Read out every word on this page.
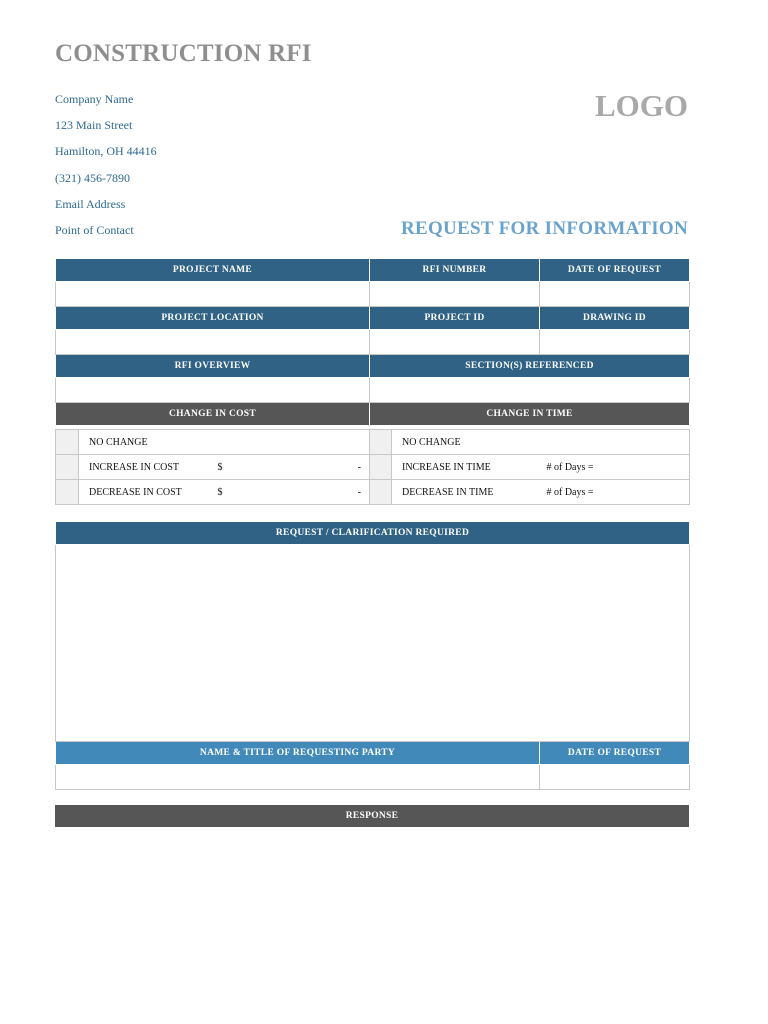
CONSTRUCTION RFI
Company Name
123 Main Street
Hamilton, OH 44416
(321) 456-7890
Email Address
Point of Contact
LOGO
REQUEST FOR INFORMATION
PROJECT NAME	RFI NUMBER	DATE OF REQUEST

PROJECT LOCATION	PROJECT ID	DRAWING ID

RFI OVERVIEW	SECTION(S) REFERENCED	

CHANGE IN COST	CHANGE IN TIME	
	NO CHANGE				NO CHANGE	
	INCREASE IN COST	$	-		INCREASE IN TIME	# of Days =
	DECREASE IN COST	$	-		DECREASE IN TIME	# of Days =
REQUEST / CLARIFICATION REQUIRED	

NAME & TITLE OF REQUESTING PARTY	DATE OF REQUEST

RESPONSE
